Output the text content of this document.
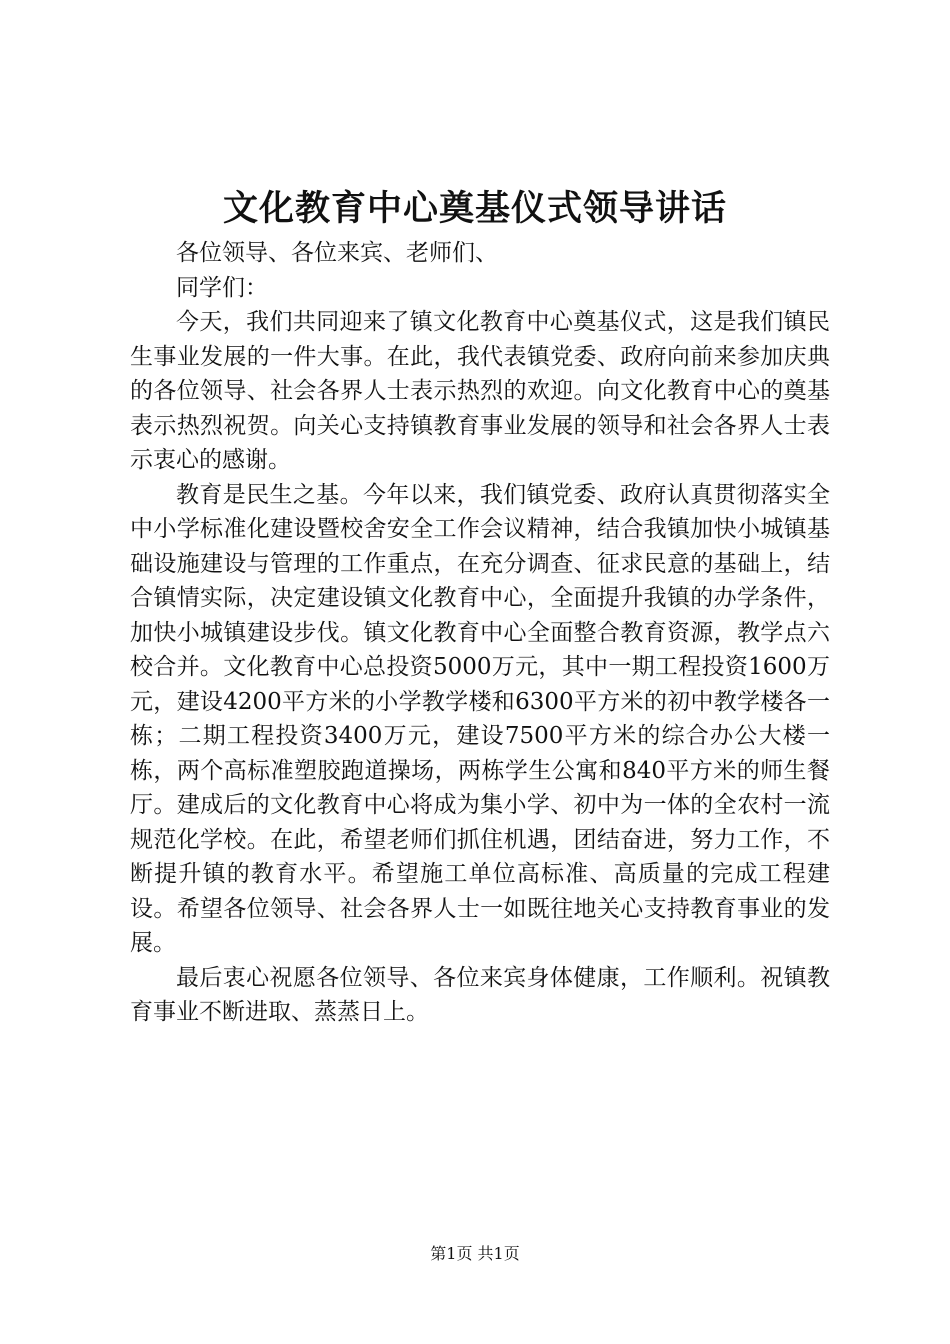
文化教育中心奠基仪式领导讲话

各位领导、各位来宾、老师们、

同学们：

今天，我们共同迎来了镇文化教育中心奠基仪式，这是我们镇民生事业发展的一件大事。在此，我代表镇党委、政府向前来参加庆典的各位领导、社会各界人士表示热烈的欢迎。向文化教育中心的奠基表示热烈祝贺。向关心支持镇教育事业发展的领导和社会各界人士表示衷心的感谢。

教育是民生之基。今年以来，我们镇党委、政府认真贯彻落实全中小学标准化建设暨校舍安全工作会议精神，结合我镇加快小城镇基础设施建设与管理的工作重点，在充分调查、征求民意的基础上，结合镇情实际，决定建设镇文化教育中心，全面提升我镇的办学条件，加快小城镇建设步伐。镇文化教育中心全面整合教育资源，教学点六校合并。文化教育中心总投资5000万元，其中一期工程投资1600万元，建设4200平方米的小学教学楼和6300平方米的初中教学楼各一栋；二期工程投资3400万元，建设7500平方米的综合办公大楼一栋，两个高标准塑胶跑道操场，两栋学生公寓和840平方米的师生餐厅。建成后的文化教育中心将成为集小学、初中为一体的全农村一流规范化学校。在此，希望老师们抓住机遇，团结奋进，努力工作，不断提升镇的教育水平。希望施工单位高标准、高质量的完成工程建设。希望各位领导、社会各界人士一如既往地关心支持教育事业的发展。

最后衷心祝愿各位领导、各位来宾身体健康，工作顺利。祝镇教育事业不断进取、蒸蒸日上。

第1页 共1页
